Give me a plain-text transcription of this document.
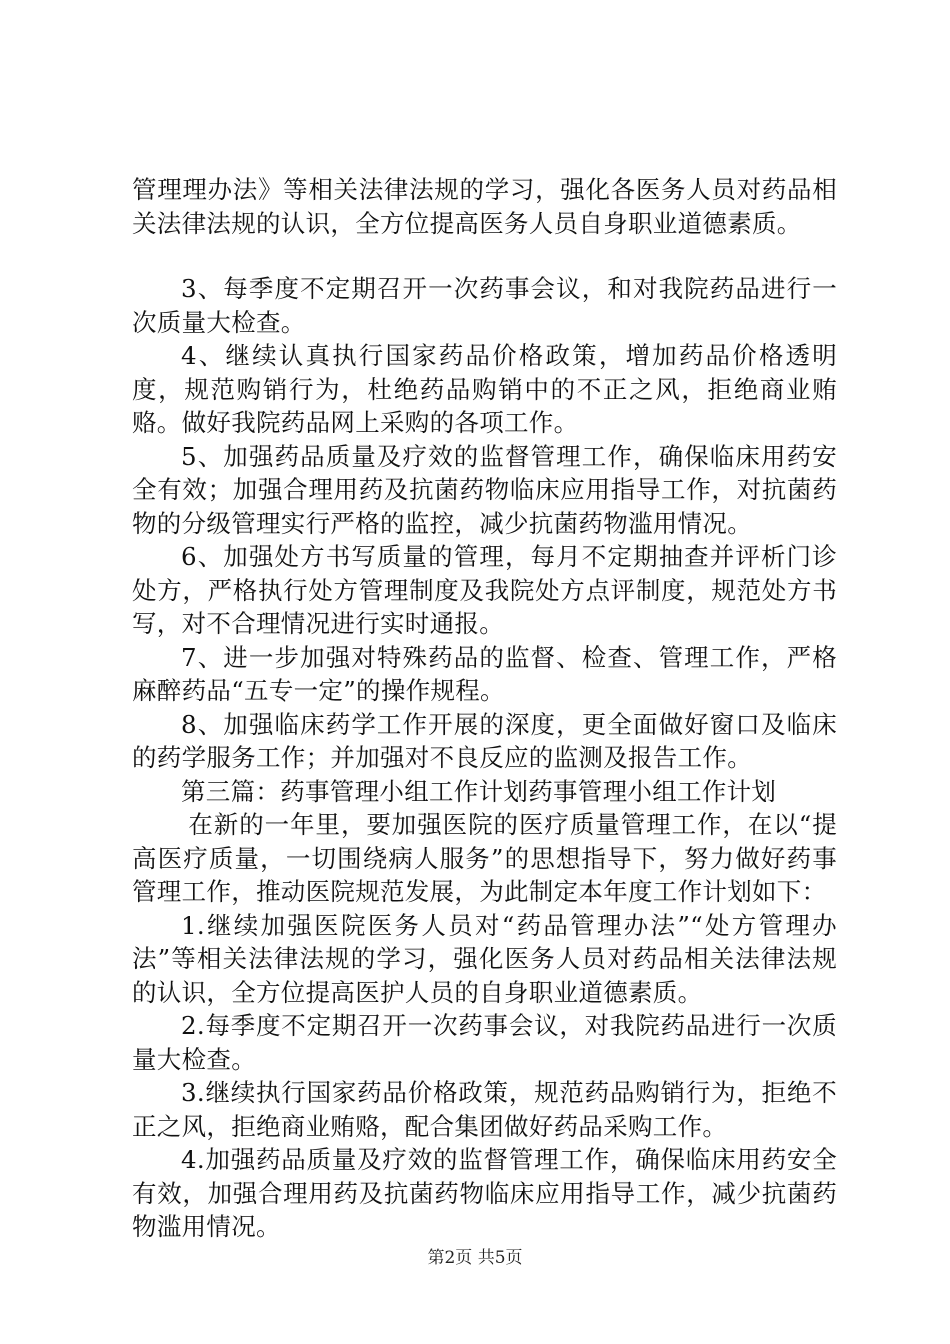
管理理办法》等相关法律法规的学习，强化各医务人员对药品相关法律法规的认识，全方位提高医务人员自身职业道德素质。

3、每季度不定期召开一次药事会议，和对我院药品进行一次质量大检查。

4、继续认真执行国家药品价格政策，增加药品价格透明度，规范购销行为，杜绝药品购销中的不正之风，拒绝商业贿赂。做好我院药品网上采购的各项工作。

5、加强药品质量及疗效的监督管理工作，确保临床用药安全有效；加强合理用药及抗菌药物临床应用指导工作，对抗菌药物的分级管理实行严格的监控，减少抗菌药物滥用情况。

6、加强处方书写质量的管理，每月不定期抽查并评析门诊处方，严格执行处方管理制度及我院处方点评制度，规范处方书写，对不合理情况进行实时通报。

7、进一步加强对特殊药品的监督、检查、管理工作，严格麻醉药品“五专一定”的操作规程。

8、加强临床药学工作开展的深度，更全面做好窗口及临床的药学服务工作；并加强对不良反应的监测及报告工作。

第三篇：药事管理小组工作计划药事管理小组工作计划

在新的一年里，要加强医院的医疗质量管理工作，在以“提高医疗质量，一切围绕病人服务”的思想指导下，努力做好药事管理工作，推动医院规范发展，为此制定本年度工作计划如下：

1.继续加强医院医务人员对“药品管理办法”“处方管理办法”等相关法律法规的学习，强化医务人员对药品相关法律法规的认识，全方位提高医护人员的自身职业道德素质。

2.每季度不定期召开一次药事会议，对我院药品进行一次质量大检查。

3.继续执行国家药品价格政策，规范药品购销行为，拒绝不正之风，拒绝商业贿赂，配合集团做好药品采购工作。

4.加强药品质量及疗效的监督管理工作，确保临床用药安全有效，加强合理用药及抗菌药物临床应用指导工作，减少抗菌药物滥用情况。

第2页 共5页
